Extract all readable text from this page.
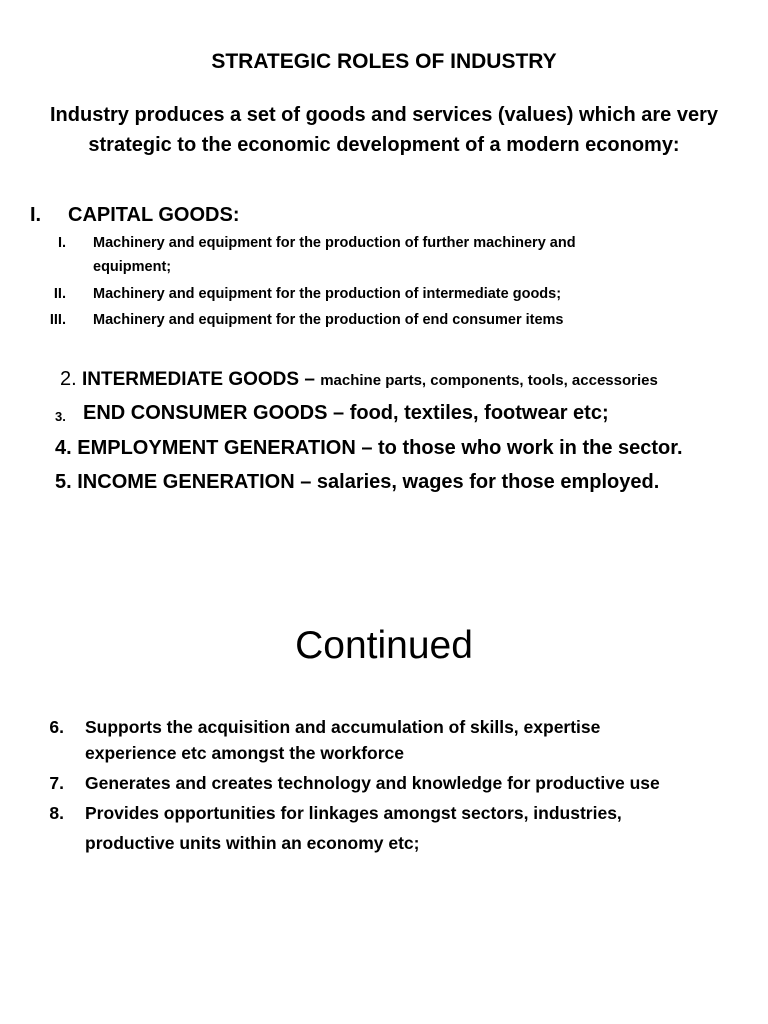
STRATEGIC ROLES OF INDUSTRY
Industry produces a set of goods and services (values) which are very
strategic to the economic development of a modern economy:
I. CAPITAL GOODS:
I. Machinery and equipment for the production of further machinery and
equipment;
II. Machinery and equipment for the production of intermediate goods;
III. Machinery and equipment for the production of end consumer items
2. INTERMEDIATE GOODS – machine parts, components, tools, accessories
3. END CONSUMER GOODS – food, textiles, footwear etc;
4. EMPLOYMENT GENERATION – to those who work in the sector.
5. INCOME GENERATION – salaries, wages for those employed.
Continued
6. Supports the acquisition and accumulation of skills, expertise
experience etc amongst the workforce
7. Generates and creates technology and knowledge for productive use
8. Provides opportunities for linkages amongst sectors, industries,
productive units within an economy etc;
